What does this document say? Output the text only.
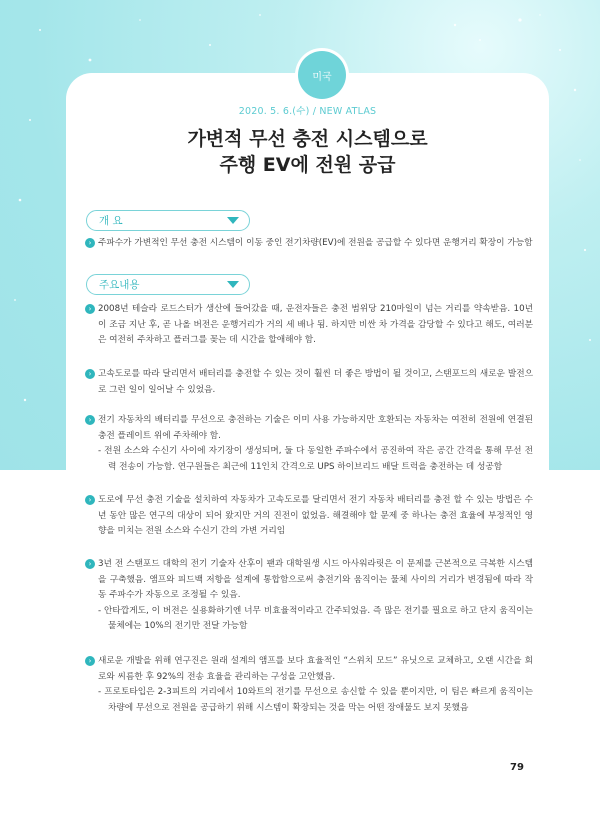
미국
2020. 5. 6.(수) / NEW ATLAS
가변적 무선 충전 시스템으로
주행 EV에 전원 공급
개 요
› 주파수가 가변적인 무선 충전 시스템이 이동 중인 전기차량(EV)에 전원을 공급할 수 있다면 운행거리 확장이 가능함
주요내용
› 2008년 테슬라 로드스터가 생산에 들어갔을 때, 운전자들은 충전 범위당 210마일이 넘는 거리를 약속받음. 10년이 조금 지난 후, 곧 나올 버전은 운행거리가 거의 세 배나 됨. 하지만 비싼 차 가격을 감당할 수 있다고 해도, 여러분은 여전히 주차하고 플러그를 꽂는 데 시간을 할애해야 함.
› 고속도로를 따라 달리면서 배터리를 충전할 수 있는 것이 훨씬 더 좋은 방법이 될 것이고, 스탠포드의 새로운 발전으로 그런 일이 일어날 수 있었음.
› 전기 자동차의 배터리를 무선으로 충전하는 기술은 이미 사용 가능하지만 호환되는 자동차는 여전히 전원에 연결된 충전 플레이트 위에 주차해야 함.
- 전원 소스와 수신기 사이에 자기장이 생성되며, 둘 다 동일한 주파수에서 공진하여 작은 공간 간격을 통해 무선 전력 전송이 가능함. 연구원들은 최근에 11인치 간격으로 UPS 하이브리드 배달 트럭을 충전하는 데 성공함
› 도로에 무선 충전 기술을 설치하여 자동차가 고속도로를 달리면서 전기 자동차 배터리를 충전 할 수 있는 방법은 수년 동안 많은 연구의 대상이 되어 왔지만 거의 진전이 없었음. 해결해야 할 문제 중 하나는 충전 효율에 부정적인 영향을 미치는 전원 소스와 수신기 간의 가변 거리임
› 3년 전 스탠포드 대학의 전기 기술자 산후이 팬과 대학원생 시드 아사워라릿은 이 문제를 근본적으로 극복한 시스템을 구축했음. 앰프와 피드백 저항을 설계에 통합함으로써 충전기와 움직이는 물체 사이의 거리가 변경됨에 따라 작동 주파수가 자동으로 조정될 수 있음.
- 안타깝게도, 이 버전은 실용화하기엔 너무 비효율적이라고 간주되었음. 즉 많은 전기를 필요로 하고 단지 움직이는 물체에는 10%의 전기만 전달 가능함
› 새로운 개발을 위해 연구진은 원래 설계의 앰프를 보다 효율적인 “스위치 모드” 유닛으로 교체하고, 오랜 시간을 회로와 씨름한 후 92%의 전송 효율을 관리하는 구성을 고안했음.
- 프로토타입은 2-3피트의 거리에서 10와트의 전기를 무선으로 송신할 수 있을 뿐이지만, 이 팀은 빠르게 움직이는 차량에 무선으로 전원을 공급하기 위해 시스템이 확장되는 것을 막는 어떤 장애물도 보지 못했음
79
